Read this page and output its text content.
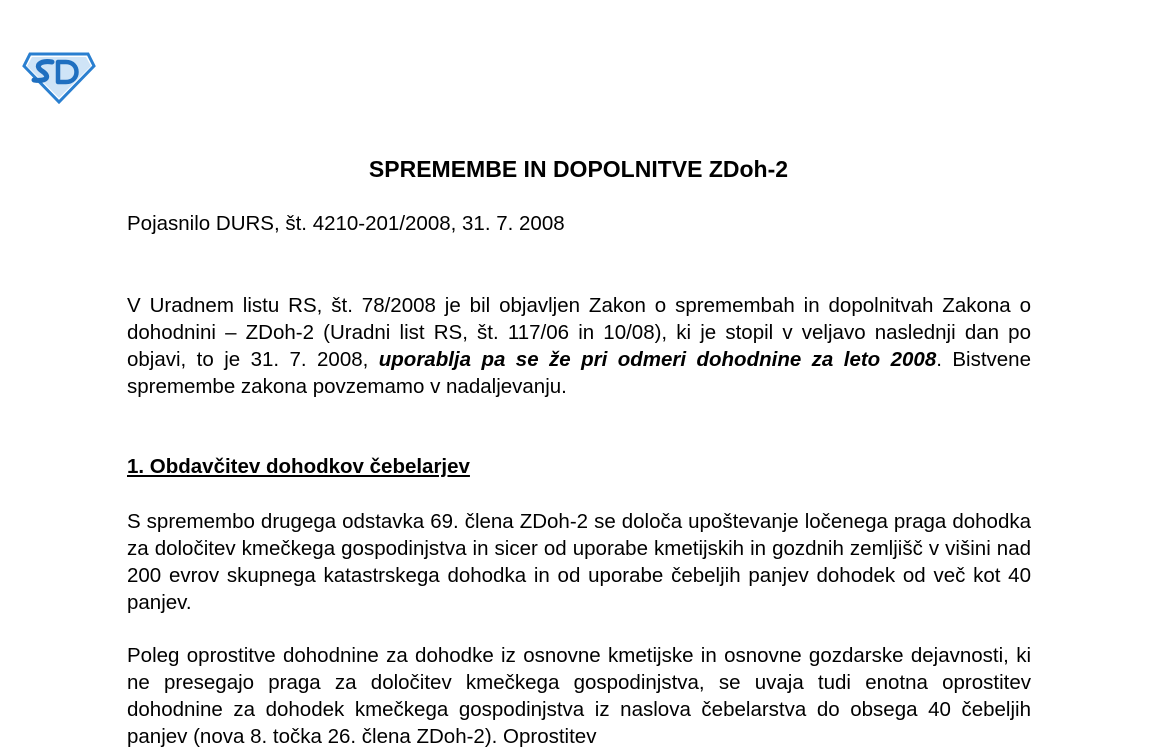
SPREMEMBE IN DOPOLNITVE ZDoh-2

Pojasnilo DURS, št. 4210-201/2008, 31. 7. 2008

V Uradnem listu RS, št. 78/2008 je bil objavljen Zakon o spremembah in dopolnitvah Zakona o dohodnini – ZDoh-2 (Uradni list RS, št. 117/06 in 10/08), ki je stopil v veljavo naslednji dan po objavi, to je 31. 7. 2008, uporablja pa se že pri odmeri dohodnine za leto 2008. Bistvene spremembe zakona povzemamo v nadaljevanju.

1. Obdavčitev dohodkov čebelarjev

S spremembo drugega odstavka 69. člena ZDoh-2 se določa upoštevanje ločenega praga dohodka za določitev kmečkega gospodinjstva in sicer od uporabe kmetijskih in gozdnih zemljišč v višini nad 200 evrov skupnega katastrskega dohodka in od uporabe čebeljih panjev dohodek od več kot 40 panjev.

Poleg oprostitve dohodnine za dohodke iz osnovne kmetijske in osnovne gozdarske dejavnosti, ki ne presegajo praga za določitev kmečkega gospodinjstva, se uvaja tudi enotna oprostitev dohodnine za dohodek kmečkega gospodinjstva iz naslova čebelarstva do obsega 40 čebeljih panjev (nova 8. točka 26. člena ZDoh-2). Oprostitev
